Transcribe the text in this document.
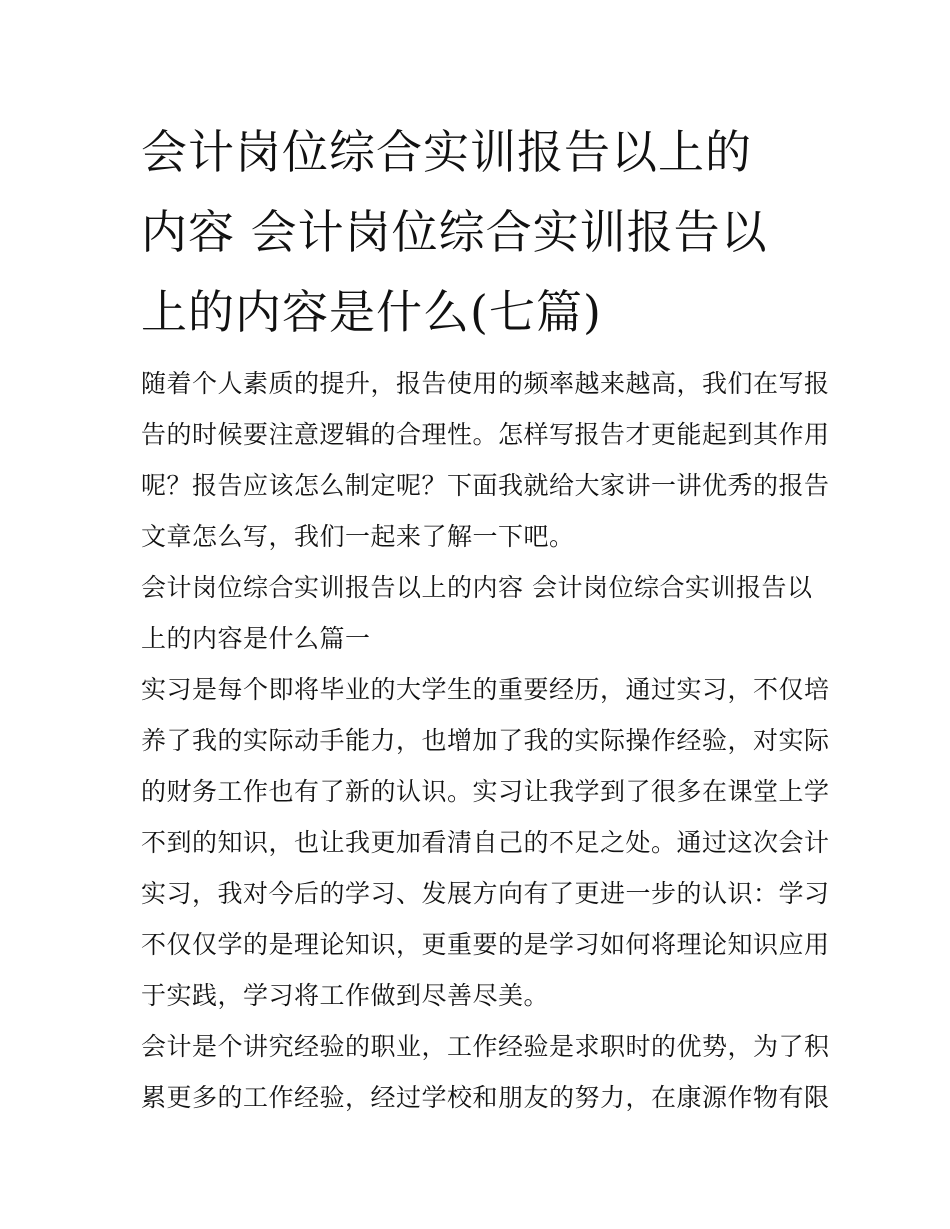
会计岗位综合实训报告以上的
内容 会计岗位综合实训报告以
上的内容是什么(七篇)
随着个人素质的提升，报告使用的频率越来越高，我们在写报
告的时候要注意逻辑的合理性。怎样写报告才更能起到其作用
呢？报告应该怎么制定呢？下面我就给大家讲一讲优秀的报告
文章怎么写，我们一起来了解一下吧。
会计岗位综合实训报告以上的内容 会计岗位综合实训报告以
上的内容是什么篇一
实习是每个即将毕业的大学生的重要经历，通过实习，不仅培
养了我的实际动手能力，也增加了我的实际操作经验，对实际
的财务工作也有了新的认识。实习让我学到了很多在课堂上学
不到的知识，也让我更加看清自己的不足之处。通过这次会计
实习，我对今后的学习、发展方向有了更进一步的认识：学习
不仅仅学的是理论知识，更重要的是学习如何将理论知识应用
于实践，学习将工作做到尽善尽美。
会计是个讲究经验的职业，工作经验是求职时的优势，为了积
累更多的工作经验，经过学校和朋友的努力，在康源作物有限
